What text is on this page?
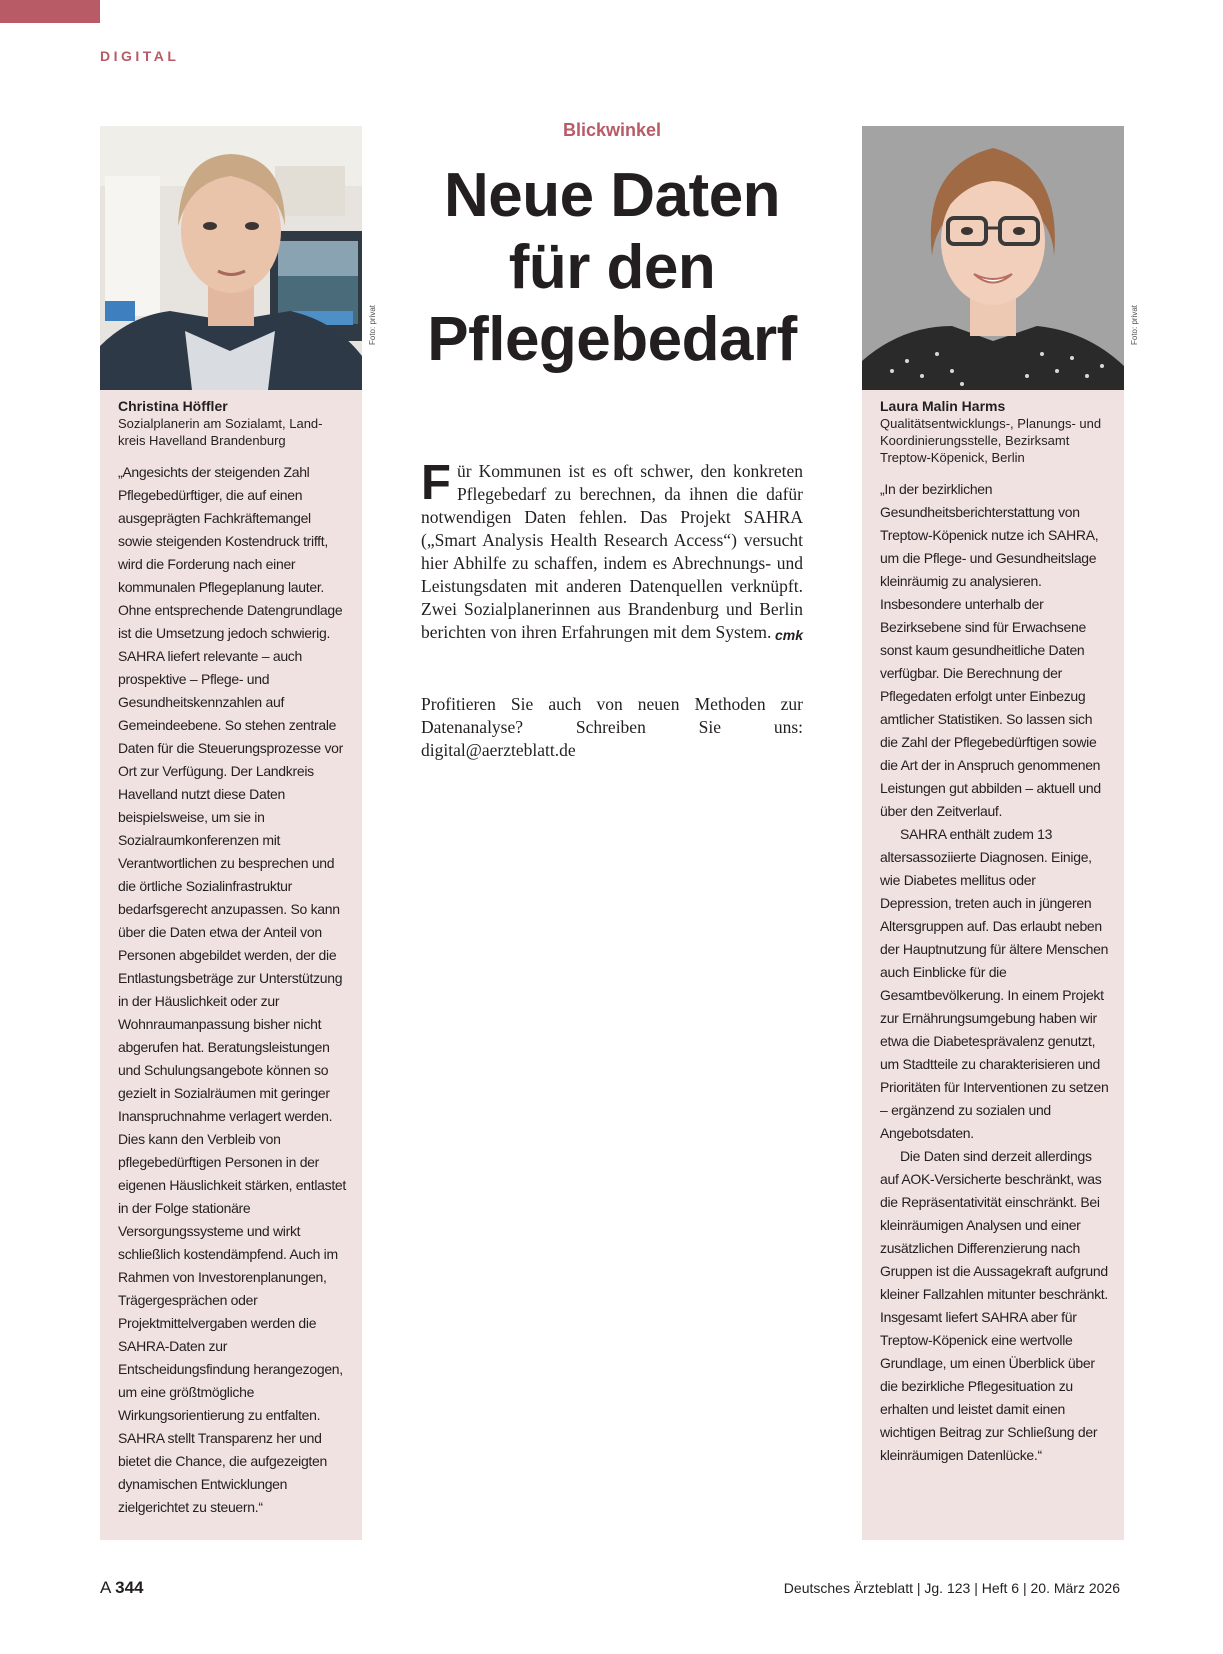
DIGITAL
Christina Höffler
Sozialplanerin am Sozialamt, Land-kreis Havelland Brandenburg

„Angesichts der steigenden Zahl Pflegebedürftiger, die auf einen ausgeprägten Fachkräftemangel sowie steigenden Kostendruck trifft, wird die Forderung nach einer kommunalen Pflegeplanung lauter. Ohne entsprechende Datengrundlage ist die Umsetzung jedoch schwierig. SAHRA liefert relevante – auch prospektive – Pflege- und Gesundheitskennzahlen auf Gemeindeebene. So stehen zentrale Daten für die Steuerungsprozesse vor Ort zur Verfügung. Der Landkreis Havelland nutzt diese Daten beispielsweise, um sie in Sozialraumkonferenzen mit Verantwortlichen zu besprechen und die örtliche Sozialinfrastruktur bedarfsgerecht anzupassen. So kann über die Daten etwa der Anteil von Personen abgebildet werden, der die Entlastungsbeträge zur Unterstützung in der Häuslichkeit oder zur Wohnraumanpassung bisher nicht abgerufen hat. Beratungsleistungen und Schulungsangebote können so gezielt in Sozialräumen mit geringer Inanspruchnahme verlagert werden. Dies kann den Verbleib von pflegebedürftigen Personen in der eigenen Häuslichkeit stärken, entlastet in der Folge stationäre Versorgungssysteme und wirkt schließlich kostendämpfend. Auch im Rahmen von Investorenplanungen, Trägergesprächen oder Projektmittelvergaben werden die SAHRA-Daten zur Entscheidungsfindung herangezogen, um eine größtmögliche Wirkungsorientierung zu entfalten. SAHRA stellt Transparenz her und bietet die Chance, die aufgezeigten dynamischen Entwicklungen zielgerichtet zu steuern.“

Foto: privat
Blickwinkel
Neue Daten
für den
Pflegebedarf
F ür Kommunen ist es oft schwer, den konkreten Pflegebedarf zu berechnen, da ihnen die dafür notwendigen Daten fehlen. Das Projekt SAHRA („Smart Analysis Health Research Access“) versucht hier Abhilfe zu schaffen, indem es Abrechnungs- und Leistungsdaten mit anderen Datenquellen verknüpft. Zwei Sozialplanerinnen aus Brandenburg und Berlin berichten von ihren Erfahrungen mit dem System. cmk
Profitieren Sie auch von neuen Methoden zur Datenanalyse? Schreiben Sie uns: digital@aerzteblatt.de
Laura Malin Harms
Qualitätsentwicklungs-, Planungs- und Koordinierungsstelle, Bezirksamt Treptow-Köpenick, Berlin

„In der bezirklichen Gesundheitsberichterstattung von Treptow-Köpenick nutze ich SAHRA, um die Pflege- und Gesundheitslage kleinräumig zu analysieren. Insbesondere unterhalb der Bezirksebene sind für Erwachsene sonst kaum gesundheitliche Daten verfügbar. Die Berechnung der Pflegedaten erfolgt unter Einbezug amtlicher Statistiken. So lassen sich die Zahl der Pflegebedürftigen sowie die Art der in Anspruch genommenen Leistungen gut abbilden – aktuell und über den Zeitverlauf.

SAHRA enthält zudem 13 altersassoziierte Diagnosen. Einige, wie Diabetes mellitus oder Depression, treten auch in jüngeren Altersgruppen auf. Das erlaubt neben der Hauptnutzung für ältere Menschen auch Einblicke für die Gesamtbevölkerung. In einem Projekt zur Ernährungsumgebung haben wir etwa die Diabetesprävalenz genutzt, um Stadtteile zu charakterisieren und Prioritäten für Interventionen zu setzen – ergänzend zu sozialen und Angebotsdaten.

Die Daten sind derzeit allerdings auf AOK-Versicherte beschränkt, was die Repräsentativität einschränkt. Bei kleinräumigen Analysen und einer zusätzlichen Differenzierung nach Gruppen ist die Aussagekraft aufgrund kleiner Fallzahlen mitunter beschränkt. Insgesamt liefert SAHRA aber für Treptow-Köpenick eine wertvolle Grundlage, um einen Überblick über die bezirkliche Pflegesituation zu erhalten und leistet damit einen wichtigen Beitrag zur Schließung der kleinräumigen Datenlücke.“

Foto: privat
A 344	Deutsches Ärzteblatt | Jg. 123 | Heft 6 | 20. März 2026
